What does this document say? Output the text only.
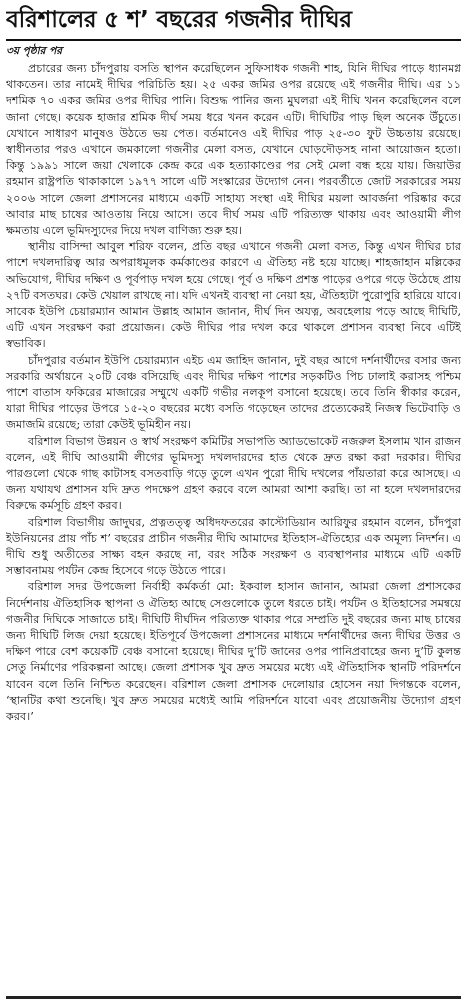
বরিশালের ৫ শ’ বছরের গজনীর দীঘির
৩য় পৃষ্ঠার পর

প্রচারের জন্য চাঁদপুরায় বসতি স্থাপন করেছিলেন সুফিসাধক গজনী শাহ, যিনি দীঘির পাড়ে ধ্যানমগ্ন থাকতেন। তার নামেই দীঘির পরিচিতি হয়। ২৫ একর জমির ওপর রয়েছে এই গজনীর দীঘি। এর ১১ দশমিক ৭০ একর জমির ওপর দীঘির পানি। বিশুদ্ধ পানির জন্য মুঘলরা এই দীঘি খনন করেছিলেন বলে জানা গেছে। কয়েক হাজার শ্রমিক দীর্ঘ সময় ধরে খনন করেন এটি। দীঘিটির পাড় ছিল অনেক উঁচুতে। যেখানে সাধারণ মানুষও উঠতে ভয় পেত। বর্তমানেও এই দীঘির পাড় ২৫-৩০ ফুট উচ্চতায় রয়েছে। স্বাধীনতার পরও এখানে জমকালো গজনীর মেলা বসত, যেখানে ঘোড়দৌড়সহ নানা আয়োজন হতো। কিন্তু ১৯৯১ সালে জয়া খেলাকে কেন্দ্র করে এক হত্যাকাণ্ডের পর সেই মেলা বন্ধ হয়ে যায়। জিয়াউর রহমান রাষ্ট্রপতি থাকাকালে ১৯৭৭ সালে এটি সংস্কারের উদ্যোগ নেন। পরবর্তীতে জোট সরকারের সময় ২০০৬ সালে জেলা প্রশাসনের মাধ্যমে একটি সাহায্য সংস্থা এই দীঘির ময়লা আবর্জনা পরিষ্কার করে আবার মাছ চাষের আওতায় নিয়ে আসে। তবে দীর্ঘ সময় এটি পরিত্যক্ত থাকায় এবং আওয়ামী লীগ ক্ষমতায় এলে ভূমিদস্যুদের দিয়ে দখল বাণিজ্য শুরু হয়।

স্থানীয় বাসিন্দা আবুল শরিফ বলেন, প্রতি বছর এখানে গজনী মেলা বসত, কিন্তু এখন দীঘির চার পাশে দখলদারিত্ব আর অপরাধমূলক কর্মকাণ্ডের কারণে এ ঐতিহ্য নষ্ট হয়ে যাচ্ছে। শাহজাহান মল্লিকের অভিযোগ, দীঘির দক্ষিণ ও পূর্বপাড় দখল হয়ে গেছে। পূর্ব ও দক্ষিণ প্রশস্ত পাড়ের ওপরে গড়ে উঠেছে প্রায় ২৭টি বসতঘর। কেউ খেয়াল রাখছে না। যদি এখনই ব্যবস্থা না নেয়া হয়, ঐতিহ্যটা পুরোপুরি হারিয়ে যাবে। সাবেক ইউপি চেয়ারম্যান আমান উল্লাহ আমান জানান, দীর্ঘ দিন অযত্ন, অবহেলায় পড়ে আছে দীঘিটি, এটি এখন সংরক্ষণ করা প্রয়োজন। কেউ দীঘির পার দখল করে থাকলে প্রশাসন ব্যবস্থা নিবে এটিই স্বভাবিক।

চাঁদপুরার বর্তমান ইউপি চেয়ারম্যান এইচ এম জাহিদ জানান, দুই বছর আগে দর্শনার্থীদের বসার জন্য সরকারি অর্থায়নে ২০টি বেঞ্চ বসিয়েছি এবং দীঘির দক্ষিণ পাশের সড়কটিও পিচ ঢালাই করাসহ পশ্চিম পাশে বাতাস ফকিরের মাজারের সম্মুখে একটি গভীর নলকূপ বসানো হয়েছে। তবে তিনি স্বীকার করেন, যারা দীঘির পাড়ের উপরে ১৫-২০ বছরের মধ্যে বসতি গড়েছেন তাদের প্রত্যেকেরই নিজস্ব ভিটেবাড়ি ও জমাজমি রয়েছে; তারা কেউই ভূমিহীন নয়।

বরিশাল বিভাগ উন্নয়ন ও স্বার্থ সংরক্ষণ কমিটির সভাপতি অ্যাডভোকেট নজরুল ইসলাম খান রাজন বলেন, এই দীঘি আওয়ামী লীগের ভূমিদস্যু দখলদারদের হাত থেকে দ্রুত রক্ষা করা দরকার। দীঘির পারগুলো থেকে গাছ কাটাসহ বসতবাড়ি গড়ে তুলে এখন পুরো দীঘি দখলের পাঁয়তারা করে আসছে। এ জন্য যথাযথ প্রশাসন যদি দ্রুত পদক্ষেপ গ্রহণ করবে বলে আমরা আশা করছি। তা না হলে দখলদারদের বিরুদ্ধে কর্মসূচি গ্রহণ করব।

বরিশাল বিভাগীয় জাদুঘর, প্রত্নতত্ত্ব অধিদফতরের কাস্টোডিয়ান আরিফুর রহমান বলেন, চাঁদপুরা ইউনিয়নের প্রায় পাঁচ শ’ বছরের প্রাচীন গজনীর দীঘি আমাদের ইতিহাস-ঐতিহ্যের এক অমূল্য নিদর্শন। এ দীঘি শুধু অতীতের সাক্ষ্য বহন করছে না, বরং সঠিক সংরক্ষণ ও ব্যবস্থাপনার মাধ্যমে এটি একটি সম্ভাবনাময় পর্যটন কেন্দ্র হিসেবে গড়ে উঠতে পারে।

বরিশাল সদর উপজেলা নির্বাহী কর্মকর্তা মো: ইকবাল হাসান জানান, আমরা জেলা প্রশাসকের নির্দেশনায় ঐতিহাসিক স্থাপনা ও ঐতিহ্য আছে সেগুলোকে তুলে ধরতে চাই। পর্যটন ও ইতিহাসের সমন্বয়ে গজনীর দিঘিকে সাজাতে চাই। দীঘিটি দীর্ঘদিন পরিত্যক্ত থাকার পরে সম্প্রতি দুই বছরের জন্য মাছ চাষের জন্য দীঘিটি লিজ দেয়া হয়েছে। ইতিপূর্বে উপজেলা প্রশাসনের মাধ্যমে দর্শনার্থীদের জন্য দীঘির উত্তর ও দক্ষিণ পারে বেশ কয়েকটি বেঞ্চ বসানো হয়েছে। দীঘির দু’টি জানের ওপর পানিপ্রবাহের জন্য দু’টি কুলন্ত সেতু নির্মাণের পরিকল্পনা আছে। জেলা প্রশাসক খুব দ্রুত সময়ের মধ্যে এই ঐতিহাসিক স্থানটি পরিদর্শনে যাবেন বলে তিনি নিশ্চিত করেছেন। বরিশাল জেলা প্রশাসক দেলোয়ার হোসেন নয়া দিগন্তকে বলেন, ‘স্থানটির কথা শুনেছি। খুব দ্রুত সময়ের মধ্যেই আমি পরিদর্শনে যাবো এবং প্রয়োজনীয় উদ্যোগ গ্রহণ করব।’
